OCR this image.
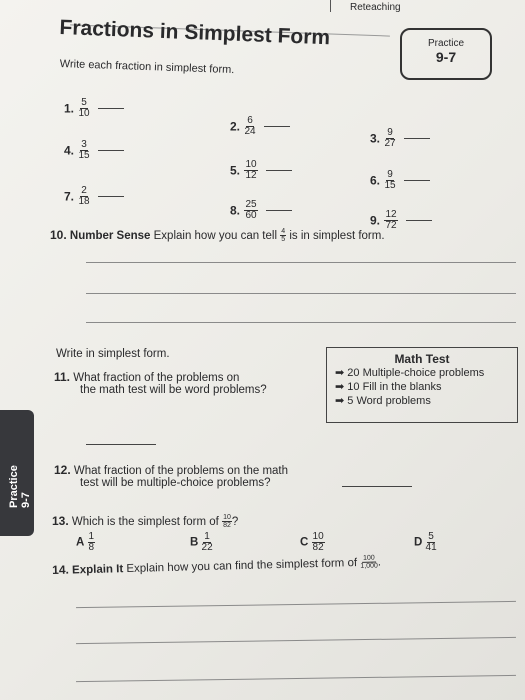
Reteaching
Practice
9-7
Fractions in Simplest Form
Write each fraction in simplest form.
1. $\frac{5}{10}$
2. $\frac{6}{24}$
3. $\frac{9}{27}$
4. $\frac{3}{15}$
5. $\frac{10}{12}$	6. $\frac{9}{15}$
7. $\frac{2}{18}$
8. $\frac{25}{60}$	9. $\frac{12}{72}$
10. Number Sense Explain how you can tell $\frac{4}{5}$ is in simplest form.
Write in simplest form.	Math Test
➡ 20 Multiple-choice problems
➡ 10 Fill in the blanks
➡ 5 Word problems
11. What fraction of the problems on
the math test will be word problems?
Practice 9-7
12. What fraction of the problems on the math
test will be multiple-choice problems?
13. Which is the simplest form of $\frac{10}{82}$ ?
A $\frac{1}{8}$	B $\frac{1}{22}$	C $\frac{10}{82}$	D $\frac{5}{41}$
14. Explain It Explain how you can find the simplest form of $\frac{100}{1,000}$ .
